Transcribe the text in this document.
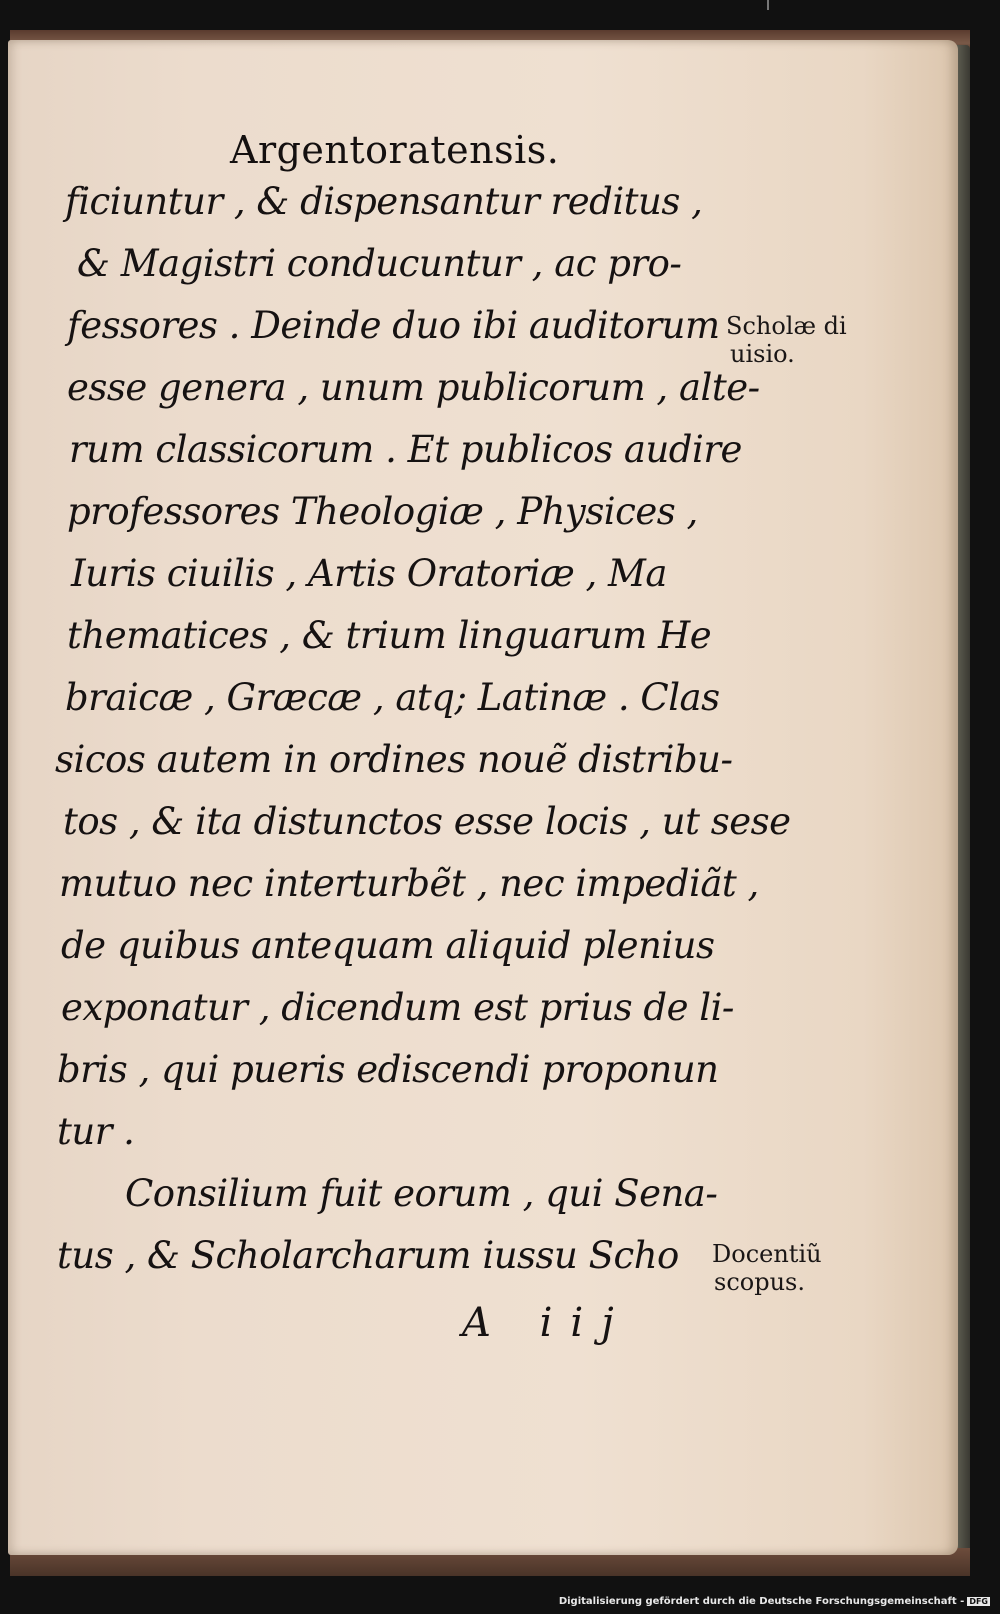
Argentoratensis.
ficiuntur , & dispensantur reditus ,
& Magistri conducuntur , ac pro-
fessores . Deinde duo ibi auditorum
esse genera , unum publicorum , alte-
rum classicorum . Et publicos audire
professores Theologiæ , Physices ,
Iuris ciuilis , Artis Oratoriæ , Ma
thematices , & trium linguarum He
braicæ , Græcæ , atq; Latinæ . Clas
sicos autem in ordines nouẽ distribu-
tos , & ita distunctos esse locis , ut sese
mutuo nec interturbẽt , nec impediãt ,
de quibus antequam aliquid plenius
exponatur , dicendum est prius de li-
bris , qui pueris ediscendi proponun
tur .
Consilium fuit eorum , qui Sena-
tus , & Scholarcharum iussu Scho
Scholæ di
uisio.
Docentiũ
scopus.
A iij
Digitalisierung gefördert durch die Deutsche Forschungsgemeinschaft - DFG
